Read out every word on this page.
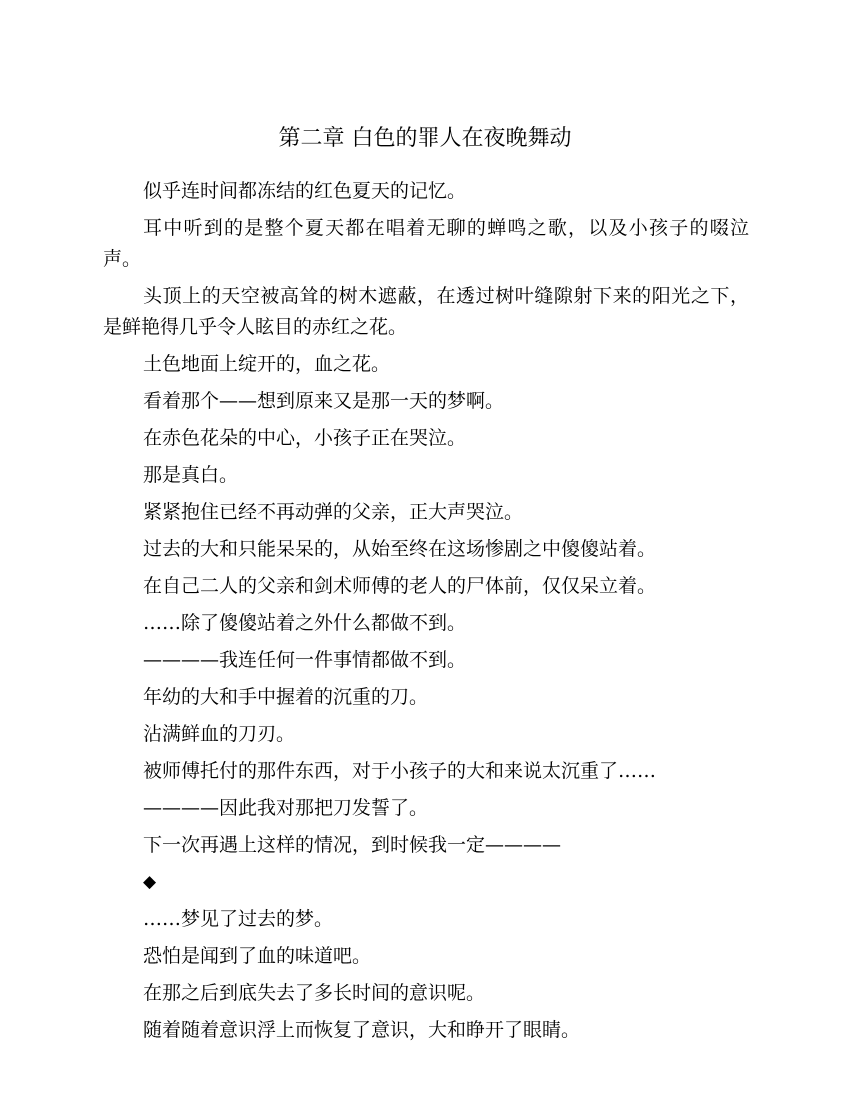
第二章 白色的罪人在夜晚舞动

似乎连时间都冻结的红色夏天的记忆。

耳中听到的是整个夏天都在唱着无聊的蝉鸣之歌，以及小孩子的啜泣声。

头顶上的天空被高耸的树木遮蔽，在透过树叶缝隙射下来的阳光之下，是鲜艳得几乎令人眩目的赤红之花。

土色地面上绽开的，血之花。

看着那个——想到原来又是那一天的梦啊。

在赤色花朵的中心，小孩子正在哭泣。

那是真白。

紧紧抱住已经不再动弹的父亲，正大声哭泣。

过去的大和只能呆呆的，从始至终在这场惨剧之中傻傻站着。

在自己二人的父亲和剑术师傅的老人的尸体前，仅仅呆立着。

……除了傻傻站着之外什么都做不到。

————我连任何一件事情都做不到。

年幼的大和手中握着的沉重的刀。

沾满鲜血的刀刃。

被师傅托付的那件东西，对于小孩子的大和来说太沉重了……

————因此我对那把刀发誓了。

下一次再遇上这样的情况，到时候我一定————

◆

……梦见了过去的梦。

恐怕是闻到了血的味道吧。

在那之后到底失去了多长时间的意识呢。

随着随着意识浮上而恢复了意识，大和睁开了眼睛。
